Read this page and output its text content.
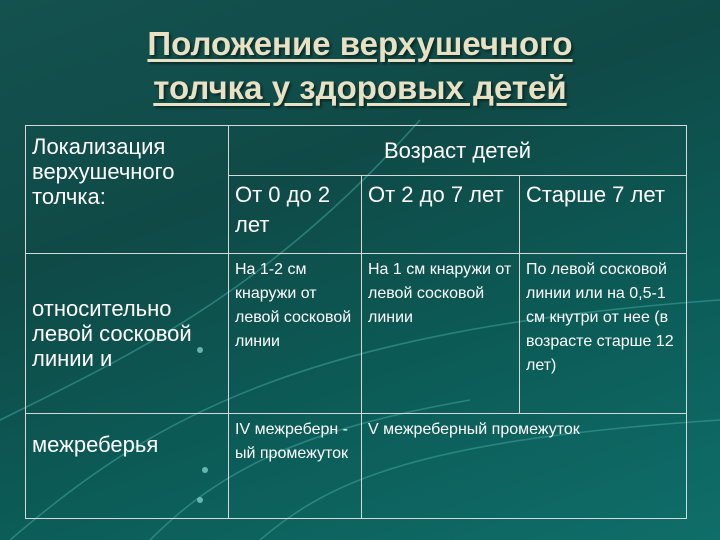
Положение верхушечного
толчка у здоровых детей
Локализация верхушечного толчка:	Возраст детей		
	От 0 до 2 лет	От 2 до 7 лет	Старше 7 лет
относительно левой сосковой линии и	На 1-2 см кнаружи от левой сосковой линии	На 1 см кнаружи от левой сосковой линии	По левой сосковой линии или на 0,5-1 см кнутри от нее (в возрасте старше 12 лет)
межреберья	IV межреберн - ый промежуток	V межреберный промежуток	
